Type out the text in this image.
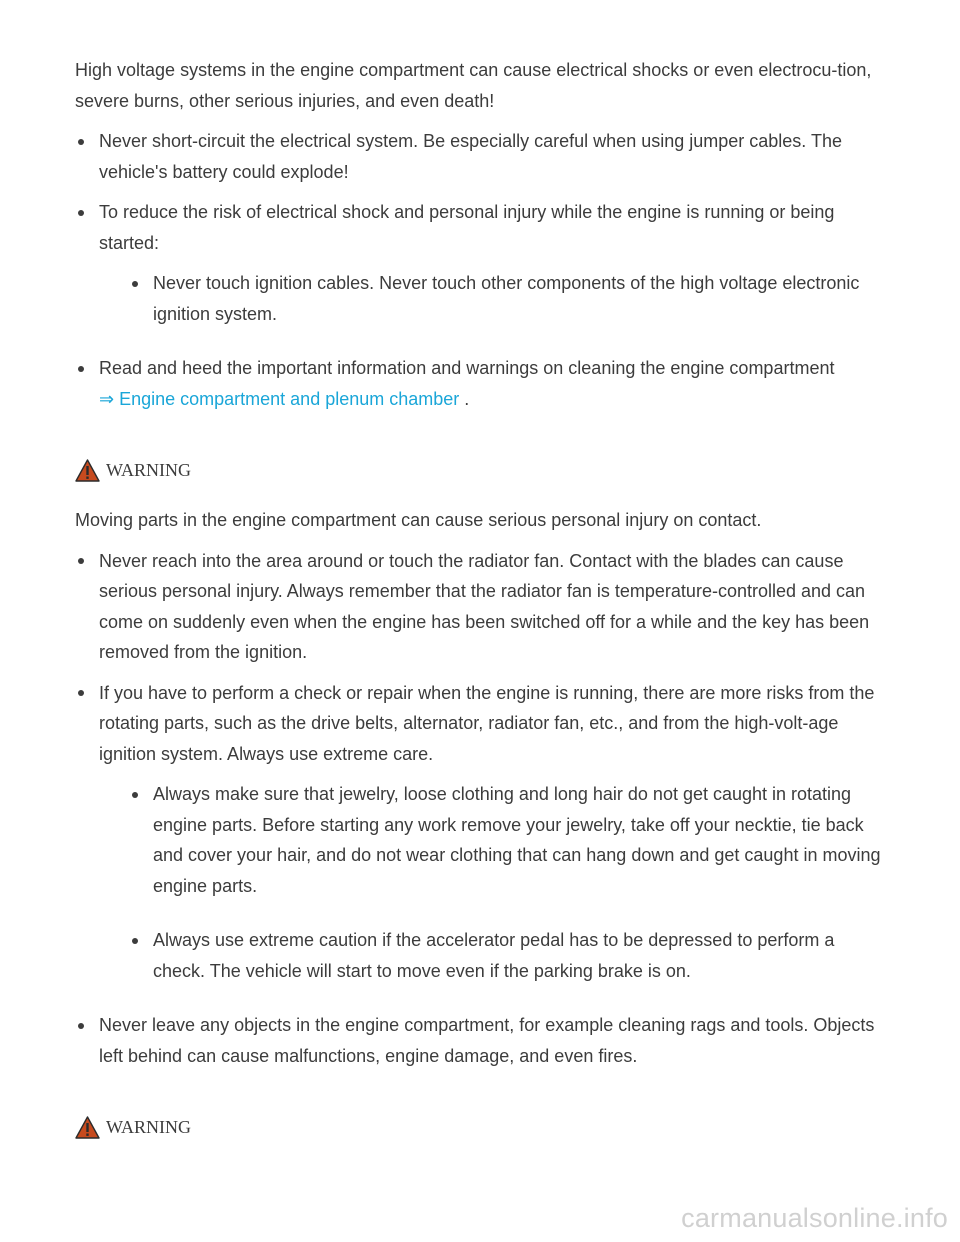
High voltage systems in the engine compartment can cause electrical shocks or even electrocu-tion, severe burns, other serious injuries, and even death!

Never short-circuit the electrical system. Be especially careful when using jumper cables. The vehicle's battery could explode!
To reduce the risk of electrical shock and personal injury while the engine is running or being started:
Never touch ignition cables. Never touch other components of the high voltage electronic ignition system.
Read and heed the important information and warnings on cleaning the engine compartment
⇒ Engine compartment and plenum chamber .
WARNING

Moving parts in the engine compartment can cause serious personal injury on contact.

Never reach into the area around or touch the radiator fan. Contact with the blades can cause serious personal injury. Always remember that the radiator fan is temperature-controlled and can come on suddenly even when the engine has been switched off for a while and the key has been removed from the ignition.
If you have to perform a check or repair when the engine is running, there are more risks from the rotating parts, such as the drive belts, alternator, radiator fan, etc., and from the high-volt-age ignition system. Always use extreme care.
Always make sure that jewelry, loose clothing and long hair do not get caught in rotating engine parts. Before starting any work remove your jewelry, take off your necktie, tie back and cover your hair, and do not wear clothing that can hang down and get caught in moving engine parts.
Always use extreme caution if the accelerator pedal has to be depressed to perform a check. The vehicle will start to move even if the parking brake is on.
Never leave any objects in the engine compartment, for example cleaning rags and tools. Objects left behind can cause malfunctions, engine damage, and even fires.
WARNING
carmanualsonline.info
